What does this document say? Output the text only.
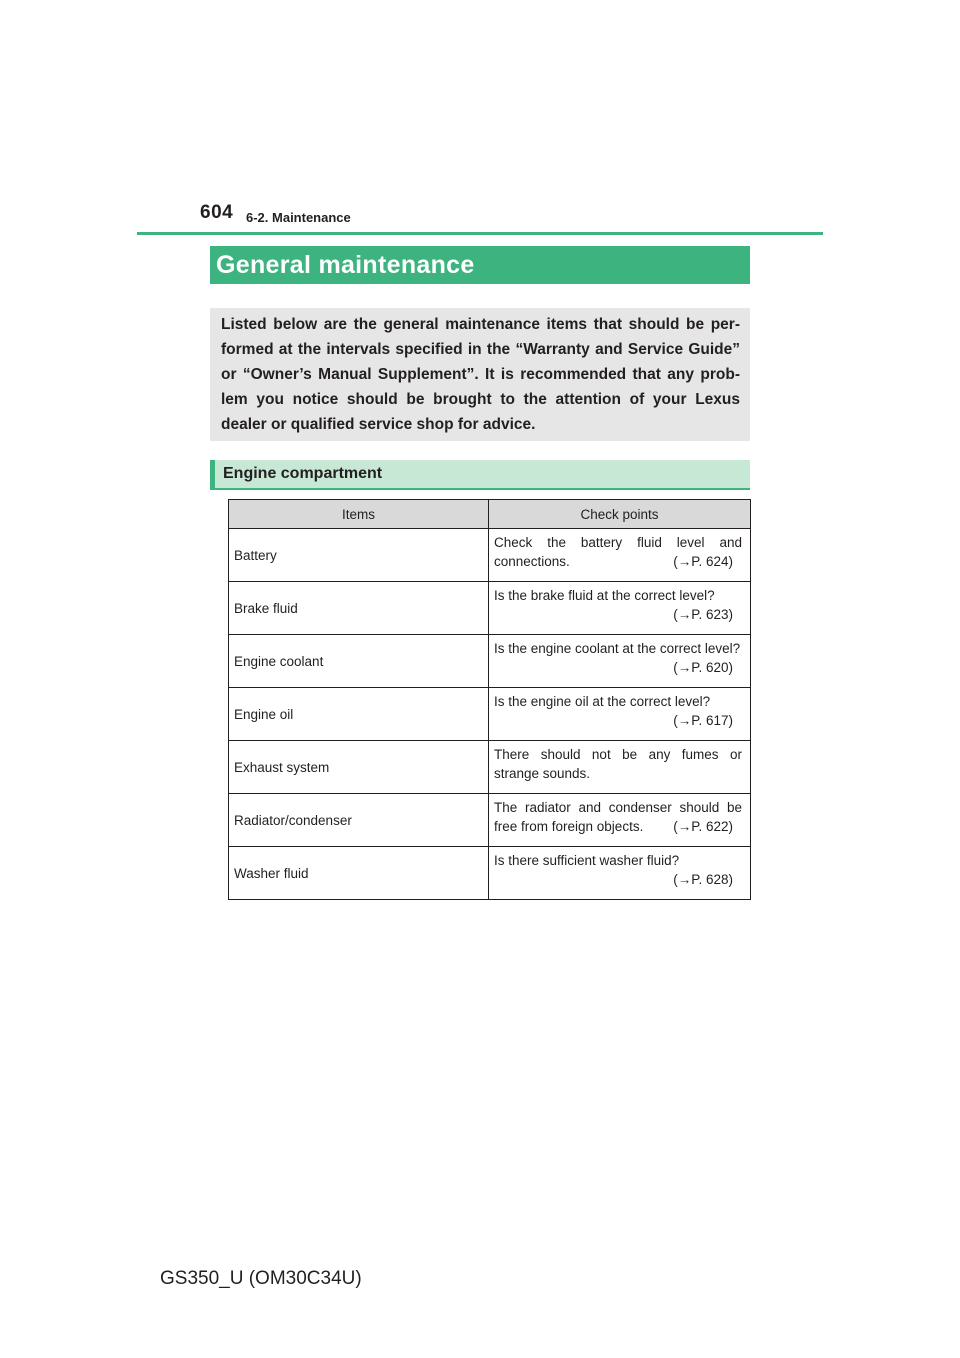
604 6-2. Maintenance
General maintenance
Listed below are the general maintenance items that should be per-formed at the intervals specified in the “Warranty and Service Guide” or “Owner’s Manual Supplement”. It is recommended that any prob-lem you notice should be brought to the attention of your Lexus dealer or qualified service shop for advice.
Engine compartment
Items	Check points
Battery	Check the battery fluid level and connections. (→P. 624)

Brake fluid	Is the brake fluid at the correct level?
(→P. 623)

Engine coolant	Is the engine coolant at the correct level?
(→P. 620)

Engine oil	Is the engine oil at the correct level?
(→P. 617)

Exhaust system	There should not be any fumes or strange sounds.

Radiator/condenser	The radiator and condenser should be free from foreign objects. (→P. 622)

Washer fluid	Is there sufficient washer fluid?
(→P. 628)
GS350_U (OM30C34U)
